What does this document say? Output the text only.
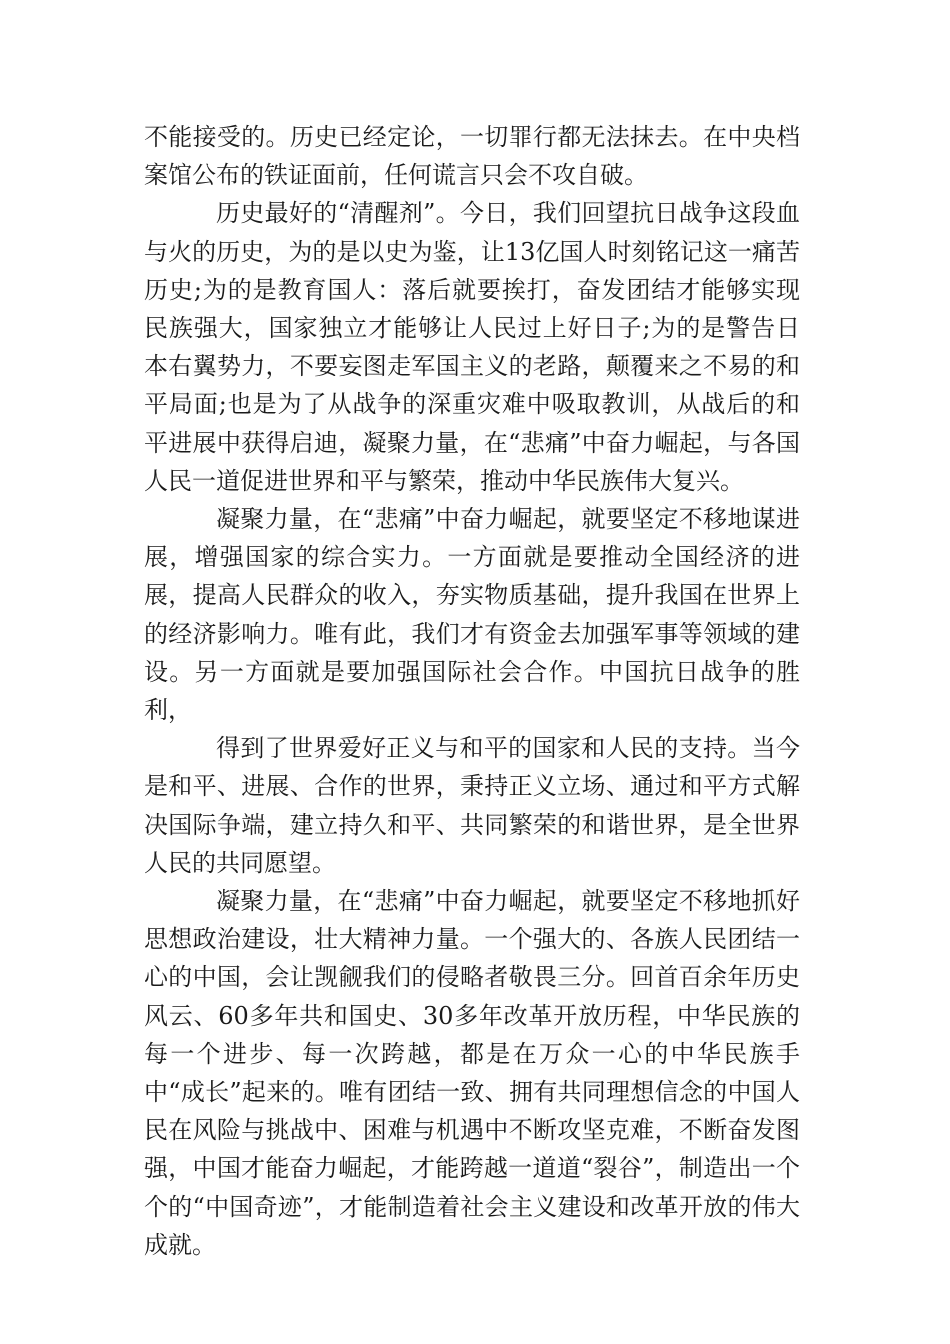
不能接受的。历史已经定论，一切罪行都无法抹去。在中央档案馆公布的铁证面前，任何谎言只会不攻自破。

历史最好的“清醒剂”。今日，我们回望抗日战争这段血与火的历史，为的是以史为鉴，让13亿国人时刻铭记这一痛苦历史;为的是教育国人：落后就要挨打，奋发团结才能够实现民族强大，国家独立才能够让人民过上好日子;为的是警告日本右翼势力，不要妄图走军国主义的老路，颠覆来之不易的和平局面;也是为了从战争的深重灾难中吸取教训，从战后的和平进展中获得启迪，凝聚力量，在“悲痛”中奋力崛起，与各国人民一道促进世界和平与繁荣，推动中华民族伟大复兴。

凝聚力量，在“悲痛”中奋力崛起，就要坚定不移地谋进展，增强国家的综合实力。一方面就是要推动全国经济的进展，提高人民群众的收入，夯实物质基础，提升我国在世界上的经济影响力。唯有此，我们才有资金去加强军事等领域的建设。另一方面就是要加强国际社会合作。中国抗日战争的胜利，

得到了世界爱好正义与和平的国家和人民的支持。当今是和平、进展、合作的世界，秉持正义立场、通过和平方式解决国际争端，建立持久和平、共同繁荣的和谐世界，是全世界人民的共同愿望。

凝聚力量，在“悲痛”中奋力崛起，就要坚定不移地抓好思想政治建设，壮大精神力量。一个强大的、各族人民团结一心的中国，会让觊觎我们的侵略者敬畏三分。回首百余年历史风云、60多年共和国史、30多年改革开放历程，中华民族的每一个进步、每一次跨越，都是在万众一心的中华民族手中“成长”起来的。唯有团结一致、拥有共同理想信念的中国人民在风险与挑战中、困难与机遇中不断攻坚克难，不断奋发图强，中国才能奋力崛起，才能跨越一道道“裂谷”，制造出一个个的“中国奇迹”，才能制造着社会主义建设和改革开放的伟大成就。
